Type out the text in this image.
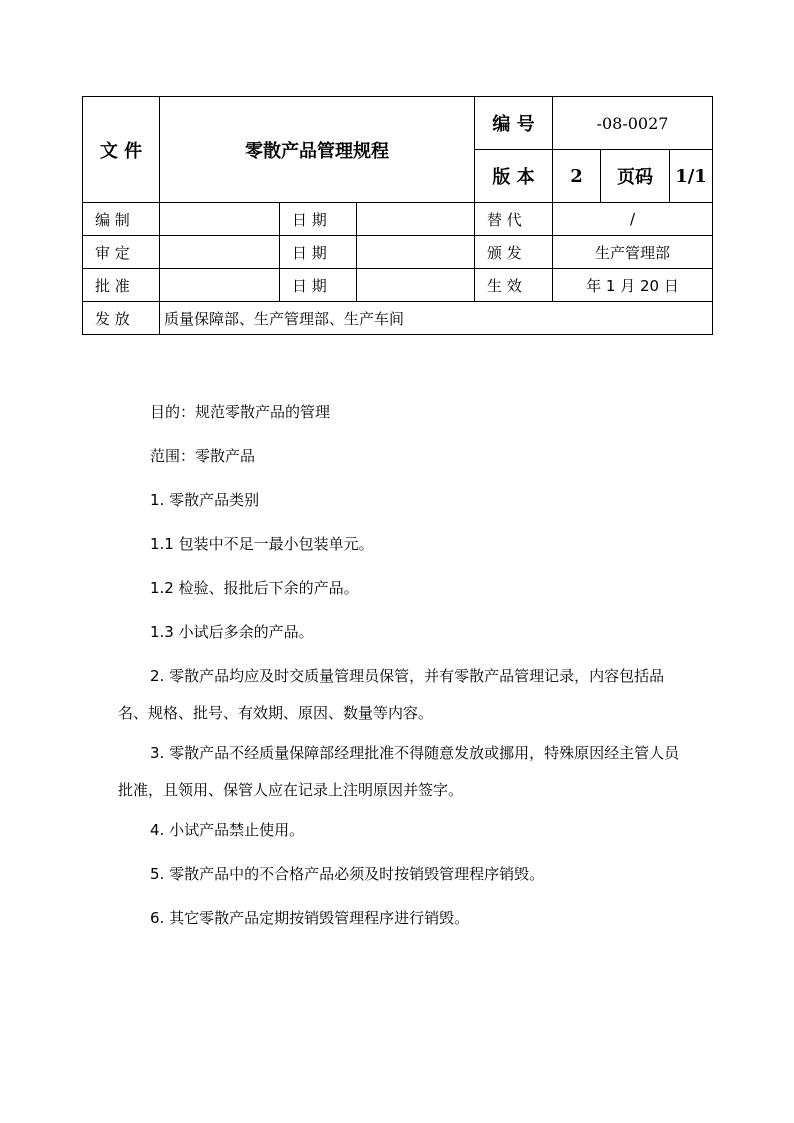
文 件	零散产品管理规程			编 号	-08-0027		
				版 本	2	页码	1/1
编 制		日 期		替 代	/		
审 定		日 期		颁 发	生产管理部		
批 准		日 期		生 效	年 1 月 20 日		
发 放	质量保障部、生产管理部、生产车间						

目的：规范零散产品的管理

范围：零散产品

1. 零散产品类别

1.1 包装中不足一最小包装单元。

1.2 检验、报批后下余的产品。

1.3 小试后多余的产品。

2. 零散产品均应及时交质量管理员保管，并有零散产品管理记录，内容包括品名、规格、批号、有效期、原因、数量等内容。

3. 零散产品不经质量保障部经理批准不得随意发放或挪用，特殊原因经主管人员批准，且领用、保管人应在记录上注明原因并签字。

4. 小试产品禁止使用。

5. 零散产品中的不合格产品必须及时按销毁管理程序销毁。

6. 其它零散产品定期按销毁管理程序进行销毁。
